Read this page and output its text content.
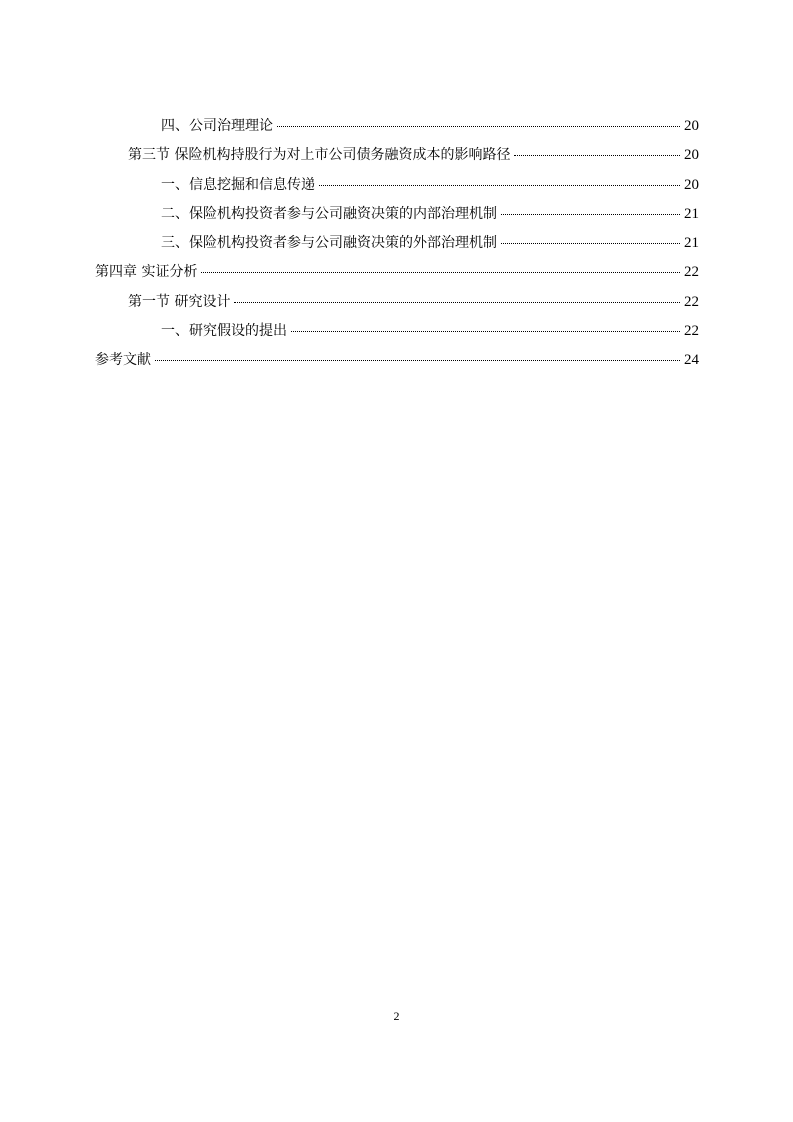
四、公司治理理论	20
第三节 保险机构持股行为对上市公司债务融资成本的影响路径	20
一、信息挖掘和信息传递	20
二、保险机构投资者参与公司融资决策的内部治理机制	21
三、保险机构投资者参与公司融资决策的外部治理机制	21
第四章 实证分析	22
第一节 研究设计	22
一、研究假设的提出	22
参考文献	24
2
